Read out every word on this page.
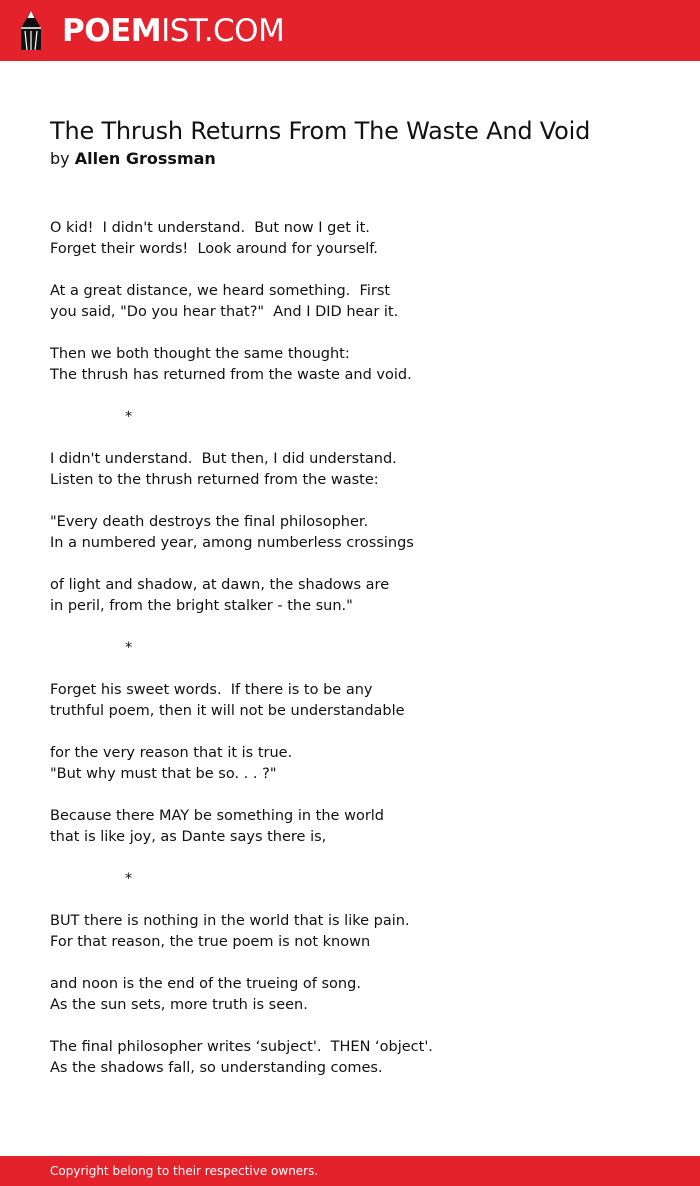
POEMIST.COM
The Thrush Returns From The Waste And Void
by Allen Grossman
O kid!  I didn't understand.  But now I get it.
Forget their words!  Look around for yourself.
At a great distance, we heard something.  First
you said, "Do you hear that?"  And I DID hear it.
Then we both thought the same thought:
The thrush has returned from the waste and void.
*
I didn't understand.  But then, I did understand.
Listen to the thrush returned from the waste:
"Every death destroys the final philosopher.
In a numbered year, among numberless crossings
of light and shadow, at dawn, the shadows are
in peril, from the bright stalker - the sun."
*
Forget his sweet words.  If there is to be any
truthful poem, then it will not be understandable
for the very reason that it is true.
"But why must that be so. . . ?"
Because there MAY be something in the world
that is like joy, as Dante says there is,
*
BUT there is nothing in the world that is like pain.
For that reason, the true poem is not known
and noon is the end of the trueing of song.
As the sun sets, more truth is seen.
The final philosopher writes ‘subject'.  THEN ‘object'.
As the shadows fall, so understanding comes.
Copyright belong to their respective owners.
